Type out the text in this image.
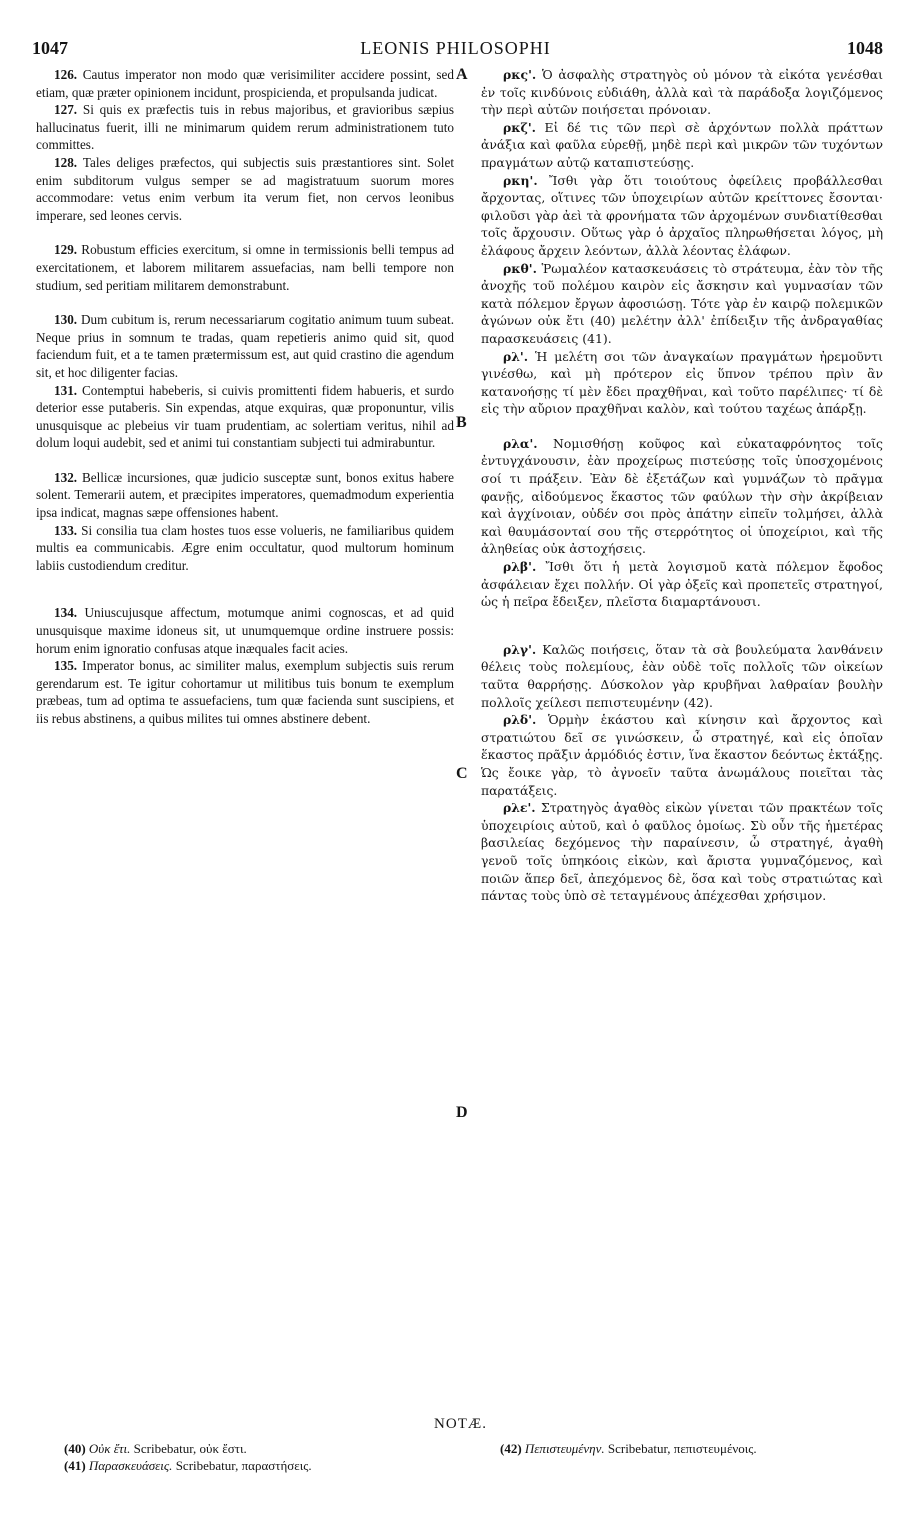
1047	LEONIS PHILOSOPHI	1048

126. Cautus imperator non modo quæ verisimiliter accidere possint, sed etiam, quæ præter opinionem incidunt, prospicienda, et propulsanda judicat.

127. Si quis ex præfectis tuis in rebus majoribus, et gravioribus sæpius hallucinatus fuerit, illi ne minimarum quidem rerum administrationem tuto committes.

128. Tales deliges præfectos, qui subjectis suis præstantiores sint. Solet enim subditorum vulgus semper se ad magistratuum suorum mores accommodare: vetus enim verbum ita verum fiet, non cervos leonibus imperare, sed leones cervis.

129. Robustum efficies exercitum, si omne in termissionis belli tempus ad exercitationem, et laborem militarem assuefacias, nam belli tempore non studium, sed peritiam militarem demonstrabunt.

130. Dum cubitum is, rerum necessariarum cogitatio animum tuum subeat. Neque prius in somnum te tradas, quam repetieris animo quid sit, quod faciendum fuit, et a te tamen prætermissum est, aut quid crastino die agendum sit, et hoc diligenter facias.

131. Contemptui habeberis, si cuivis promittenti fidem habueris, et surdo deterior esse putaberis. Sin expendas, atque exquiras, quæ proponuntur, vilis unusquisque ac plebeius vir tuam prudentiam, ac solertiam veritus, nihil ad dolum loqui audebit, sed et animi tui constantiam subjecti tui admirabuntur.

132. Bellicæ incursiones, quæ judicio susceptæ sunt, bonos exitus habere solent. Temerarii autem, et præcipites imperatores, quemadmodum experientia ipsa indicat, magnas sæpe offensiones habent.

133. Si consilia tua clam hostes tuos esse volueris, ne familiaribus quidem multis ea communicabis. Ægre enim occultatur, quod multorum hominum labiis custodiendum creditur.

134. Uniuscujusque affectum, motumque animi cognoscas, et ad quid unusquisque maxime idoneus sit, ut unumquemque ordine instruere possis: horum enim ignoratio confusas atque inæquales facit acies.

135. Imperator bonus, ac similiter malus, exemplum subjectis suis rerum gerendarum est. Te igitur cohortamur ut militibus tuis bonum te exemplum præbeas, tum ad optima te assuefaciens, tum quæ facienda sunt suscipiens, et iis rebus abstinens, a quibus milites tui omnes abstinere debent.

A
B
C
D

ρκς'. Ὁ ἀσφαλὴς στρατηγὸς οὐ μόνον τὰ εἰκότα γενέσθαι ἐν τοῖς κινδύνοις εὐδιάθη, ἀλλὰ καὶ τὰ παράδοξα λογιζόμενος τὴν περὶ αὐτῶν ποιήσεται πρόνοιαν.

ρκζ'. Εἰ δέ τις τῶν περὶ σὲ ἀρχόντων πολλὰ πράττων ἀνάξια καὶ φαῦλα εὑρεθῇ, μηδὲ περὶ καὶ μικρῶν τῶν τυχόντων πραγμάτων αὐτῷ καταπιστεύσῃς.

ρκη'. Ἴσθι γὰρ ὅτι τοιούτους ὀφείλεις προβάλλεσθαι ἄρχοντας, οἵτινες τῶν ὑποχειρίων αὐτῶν κρείττονες ἔσονται· φιλοῦσι γὰρ ἀεὶ τὰ φρονήματα τῶν ἀρχομένων συνδιατίθεσθαι τοῖς ἄρχουσιν. Οὕτως γὰρ ὁ ἀρχαῖος πληρωθήσεται λόγος, μὴ ἐλάφους ἄρχειν λεόντων, ἀλλὰ λέοντας ἐλάφων.

ρκθ'. Ῥωμαλέον κατασκευάσεις τὸ στράτευμα, ἐὰν τὸν τῆς ἀνοχῆς τοῦ πολέμου καιρὸν εἰς ἄσκησιν καὶ γυμνασίαν τῶν κατὰ πόλεμον ἔργων ἀφοσιώσῃ. Τότε γὰρ ἐν καιρῷ πολεμικῶν ἀγώνων οὐκ ἔτι (40) μελέτην ἀλλ' ἐπίδειξιν τῆς ἀνδραγαθίας παρασκευάσεις (41).

ρλ'. Ἡ μελέτη σοι τῶν ἀναγκαίων πραγμάτων ἠρεμοῦντι γινέσθω, καὶ μὴ πρότερον εἰς ὕπνον τρέπου πρὶν ἂν κατανοήσῃς τί μὲν ἔδει πραχθῆναι, καὶ τοῦτο παρέλιπες· τί δὲ εἰς τὴν αὔριον πραχθῆναι καλὸν, καὶ τούτου ταχέως ἀπάρξῃ.

ρλα'. Νομισθήσῃ κοῦφος καὶ εὐκαταφρόνητος τοῖς ἐντυγχάνουσιν, ἐὰν προχείρως πιστεύσῃς τοῖς ὑποσχομένοις σοί τι πράξειν. Ἐὰν δὲ ἐξετάζων καὶ γυμνάζων τὸ πρᾶγμα φανῇς, αἰδούμενος ἕκαστος τῶν φαύλων τὴν σὴν ἀκρίβειαν καὶ ἀγχίνοιαν, οὐδέν σοι πρὸς ἀπάτην εἰπεῖν τολμήσει, ἀλλὰ καὶ θαυμάσονταί σου τῆς στερρότητος οἱ ὑποχείριοι, καὶ τῆς ἀληθείας οὐκ ἀστοχήσεις.

ρλβ'. Ἴσθι ὅτι ἡ μετὰ λογισμοῦ κατὰ πόλεμον ἔφοδος ἀσφάλειαν ἔχει πολλήν. Οἱ γὰρ ὀξεῖς καὶ προπετεῖς στρατηγοί, ὡς ἡ πεῖρα ἔδειξεν, πλεῖστα διαμαρτάνουσι.

ρλγ'. Καλῶς ποιήσεις, ὅταν τὰ σὰ βουλεύματα λανθάνειν θέλεις τοὺς πολεμίους, ἐὰν οὐδὲ τοῖς πολλοῖς τῶν οἰκείων ταῦτα θαρρήσῃς. Δύσκολον γὰρ κρυβῆναι λαθραίαν βουλὴν πολλοῖς χείλεσι πεπιστευμένην (42).

ρλδ'. Ὁρμὴν ἑκάστου καὶ κίνησιν καὶ ἄρχοντος καὶ στρατιώτου δεῖ σε γινώσκειν, ὦ στρατηγέ, καὶ εἰς ὁποῖαν ἕκαστος πρᾶξιν ἁρμόδιός ἐστιν, ἵνα ἕκαστον δεόντως ἐκτάξῃς. Ὡς ἔοικε γὰρ, τὸ ἀγνοεῖν ταῦτα ἀνωμάλους ποιεῖται τὰς παρατάξεις.

ρλε'. Στρατηγὸς ἀγαθὸς εἰκὼν γίνεται τῶν πρακτέων τοῖς ὑποχειρίοις αὐτοῦ, καὶ ὁ φαῦλος ὁμοίως. Σὺ οὖν τῆς ἡμετέρας βασιλείας δεχόμενος τὴν παραίνεσιν, ὦ στρατηγέ, ἀγαθὴ γενοῦ τοῖς ὑπηκόοις εἰκὼν, καὶ ἄριστα γυμναζόμενος, καὶ ποιῶν ἅπερ δεῖ, ἀπεχόμενος δὲ, ὅσα καὶ τοὺς στρατιώτας καὶ πάντας τοὺς ὑπὸ σὲ τεταγμένους ἀπέχεσθαι χρήσιμον.

NOTÆ.
(40) Οὐκ ἔτι. Scribebatur, οὐκ ἔστι.
(41) Παρασκευάσεις. Scribebatur, παραστήσεις.
(42) Πεπιστευμένην. Scribebatur, πεπιστευμένοις.
